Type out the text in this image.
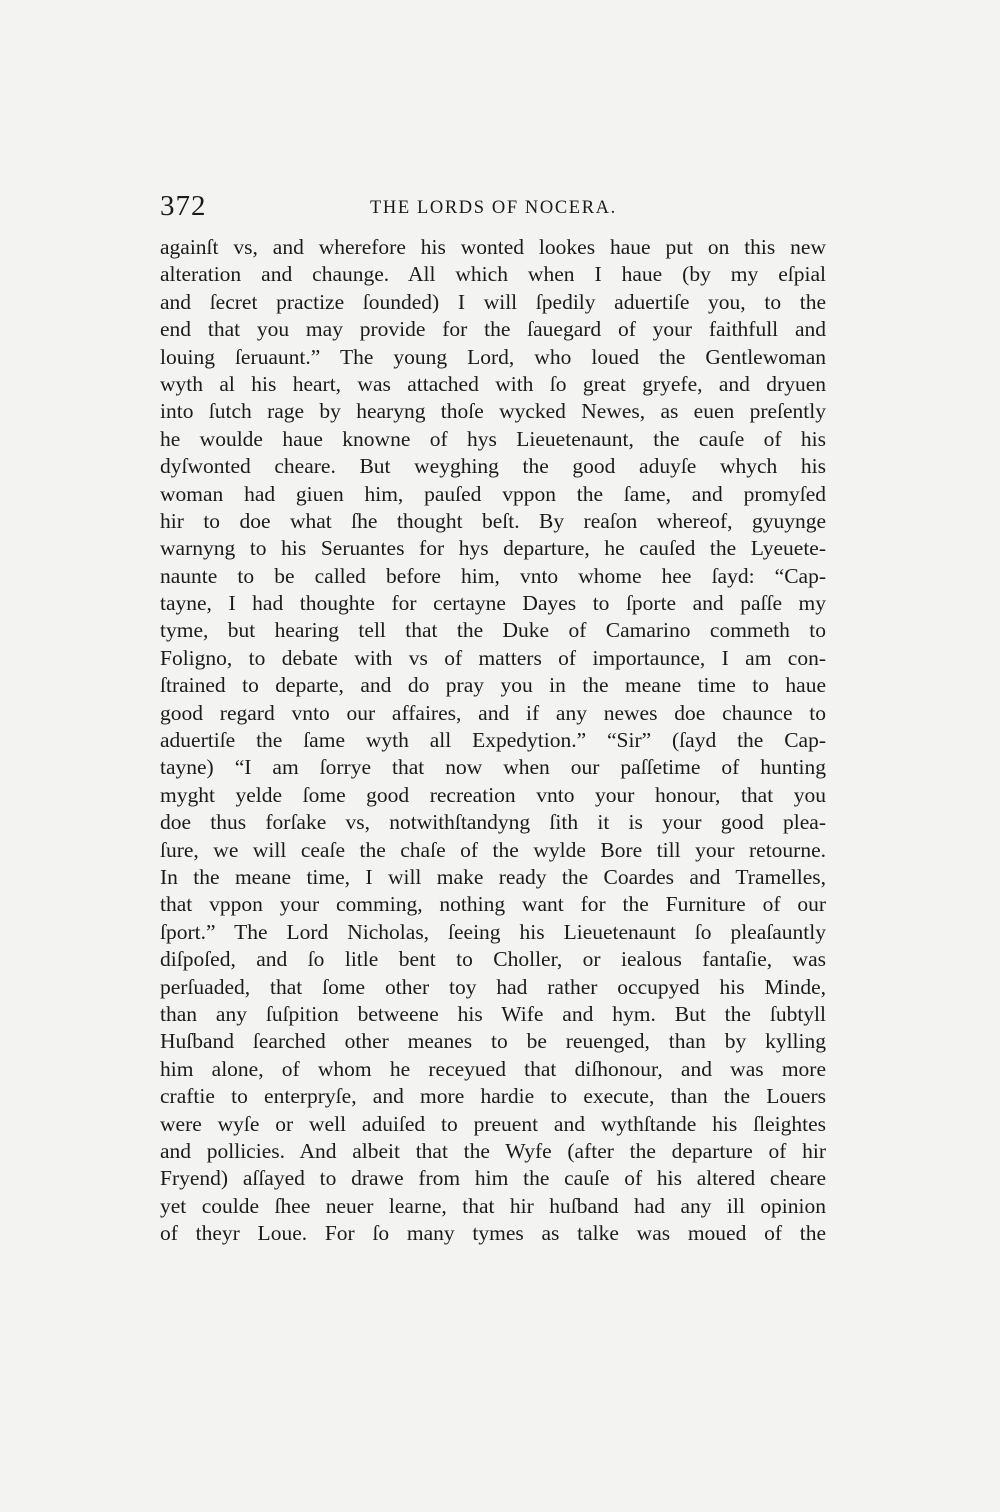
372	THE LORDS OF NOCERA.
againſt vs, and wherefore his wonted lookes haue put on this new
alteration and chaunge. All which when I haue (by my eſpial
and ſecret practize ſounded) I will ſpedily aduertiſe you, to the
end that you may provide for the ſauegard of your faithfull and
louing ſeruaunt.” The young Lord, who loued the Gentlewoman
wyth al his heart, was attached with ſo great gryefe, and dryuen
into ſutch rage by hearyng thoſe wycked Newes, as euen preſently
he woulde haue knowne of hys Lieuetenaunt, the cauſe of his
dyſwonted cheare. But weyghing the good aduyſe whych his
woman had giuen him, pauſed vppon the ſame, and promyſed
hir to doe what ſhe thought beſt. By reaſon whereof, gyuynge
warnyng to his Seruantes for hys departure, he cauſed the Lyeuete-
naunte to be called before him, vnto whome hee ſayd: “Cap-
tayne, I had thoughte for certayne Dayes to ſporte and paſſe my
tyme, but hearing tell that the Duke of Camarino commeth to
Foligno, to debate with vs of matters of importaunce, I am con-
ſtrained to departe, and do pray you in the meane time to haue
good regard vnto our affaires, and if any newes doe chaunce to
aduertiſe the ſame wyth all Expedytion.” “Sir” (ſayd the Cap-
tayne) “I am ſorrye that now when our paſſetime of hunting
myght yelde ſome good recreation vnto your honour, that you
doe thus forſake vs, notwithſtandyng ſith it is your good plea-
ſure, we will ceaſe the chaſe of the wylde Bore till your retourne.
In the meane time, I will make ready the Coardes and Tramelles,
that vppon your comming, nothing want for the Furniture of our
ſport.” The Lord Nicholas, ſeeing his Lieuetenaunt ſo pleaſauntly
diſpoſed, and ſo litle bent to Choller, or iealous fantaſie, was
perſuaded, that ſome other toy had rather occupyed his Minde,
than any ſuſpition betweene his Wife and hym. But the ſubtyll
Huſband ſearched other meanes to be reuenged, than by kylling
him alone, of whom he receyued that diſhonour, and was more
craftie to enterpryſe, and more hardie to execute, than the Louers
were wyſe or well aduiſed to preuent and wythſtande his ſleightes
and pollicies. And albeit that the Wyfe (after the departure of hir
Fryend) aſſayed to drawe from him the cauſe of his altered cheare
yet coulde ſhee neuer learne, that hir huſband had any ill opinion
of theyr Loue. For ſo many tymes as talke was moued of the
